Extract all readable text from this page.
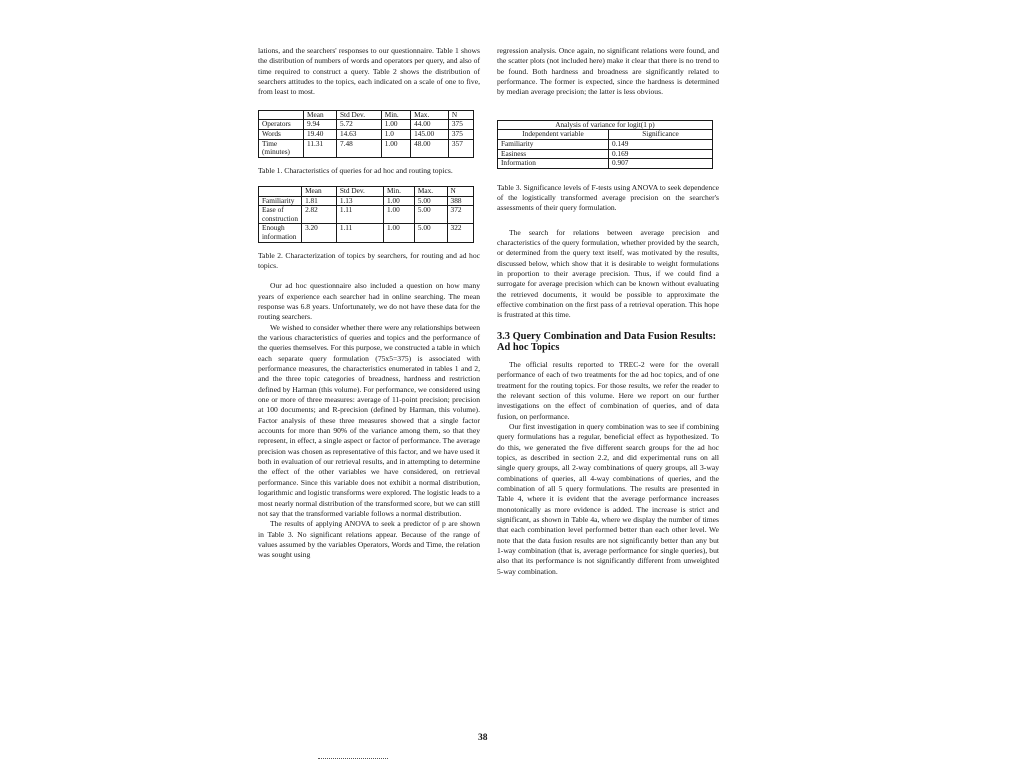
lations, and the searchers' responses to our questionnaire. Table 1 shows the distribution of numbers of words and operators per query, and also of time required to construct a query. Table 2 shows the distribution of searchers attitudes to the topics, each indicated on a scale of one to five, from least to most.

	Mean	Std Dev.	Min.	Max.	N
Operators	9.94	5.72	1.00	44.00	375
Words	19.40	14.63	1.0	145.00	375
Time (minutes)	11.31	7.48	1.00	48.00	357

Table 1. Characteristics of queries for ad hoc and routing topics.

	Mean	Std Dev.	Min.	Max.	N
Familiarity	1.81	1.13	1.00	5.00	388
Ease of construction	2.82	1.11	1.00	5.00	372
Enough information	3.20	1.11	1.00	5.00	322

Table 2. Characterization of topics by searchers, for routing and ad hoc topics.

Our ad hoc questionnaire also included a question on how many years of experience each searcher had in online searching. The mean response was 6.8 years. Unfortunately, we do not have these data for the routing searchers.

We wished to consider whether there were any relationships between the various characteristics of queries and topics and the performance of the queries themselves. For this purpose, we constructed a table in which each separate query formulation (75x5=375) is associated with performance measures, the characteristics enumerated in tables 1 and 2, and the three topic categories of breadness, hardness and restriction defined by Harman (this volume). For performance, we considered using one or more of three measures: average of 11-point precision; precision at 100 documents; and R-precision (defined by Harman, this volume). Factor analysis of these three measures showed that a single factor accounts for more than 90% of the variance among them, so that they represent, in effect, a single aspect or factor of performance. The average precision was chosen as representative of this factor, and we have used it both in evaluation of our retrieval results, and in attempting to determine the effect of the other variables we have considered, on retrieval performance. Since this variable does not exhibit a normal distribution, logarithmic and logistic transforms were explored. The logistic leads to a most nearly normal distribution of the transformed score, but we can still not say that the transformed variable follows a normal distribution.

The results of applying ANOVA to seek a predictor of p are shown in Table 3. No significant relations appear. Because of the range of values assumed by the variables Operators, Words and Time, the relation was sought using

regression analysis. Once again, no significant relations were found, and the scatter plots (not included here) make it clear that there is no trend to be found. Both hardness and broadness are significantly related to performance. The former is expected, since the hardness is determined by median average precision; the latter is less obvious.

Analysis of variance for logit(1 p)	
Independent variable	Significance
Familiarity	0.149
Easiness	0.169
Information	0.907

Table 3. Significance levels of F-tests using ANOVA to seek dependence of the logistically transformed average precision on the searcher's assessments of their query formulation.

The search for relations between average precision and characteristics of the query formulation, whether provided by the search, or determined from the query text itself, was motivated by the results, discussed below, which show that it is desirable to weight formulations in proportion to their average precision. Thus, if we could find a surrogate for average precision which can be known without evaluating the retrieved documents, it would be possible to approximate the effective combination on the first pass of a retrieval operation. This hope is frustrated at this time.

3.3 Query Combination and Data Fusion Results: Ad hoc Topics

The official results reported to TREC-2 were for the overall performance of each of two treatments for the ad hoc topics, and of one treatment for the routing topics. For those results, we refer the reader to the relevant section of this volume. Here we report on our further investigations on the effect of combination of queries, and of data fusion, on performance.

Our first investigation in query combination was to see if combining query formulations has a regular, beneficial effect as hypothesized. To do this, we generated the five different search groups for the ad hoc topics, as described in section 2.2, and did experimental runs on all single query groups, all 2-way combinations of query groups, all 3-way combinations of queries, all 4-way combinations of queries, and the combination of all 5 query formulations. The results are presented in Table 4, where it is evident that the average performance increases monotonically as more evidence is added. The increase is strict and significant, as shown in Table 4a, where we display the number of times that each combination level performed better than each other level. We note that the data fusion results are not significantly better than any but 1-way combination (that is, average performance for single queries), but also that its performance is not significantly different from unweighted 5-way combination.

38
